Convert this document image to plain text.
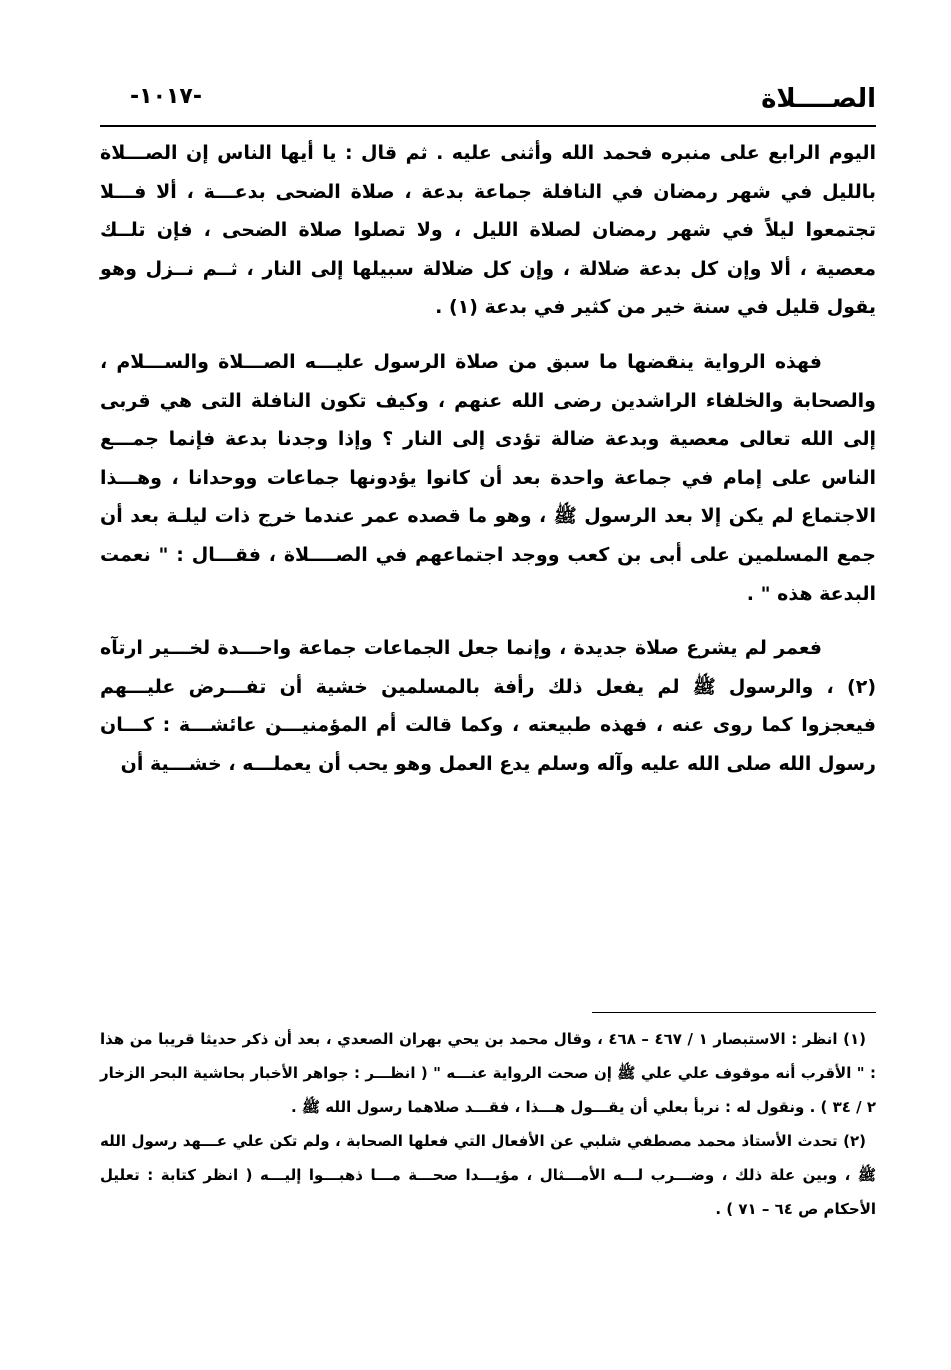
الصــــلاة
-١٠١٧-

اليوم الرابع على منبره فحمد الله وأثنى عليه . ثم قال : يا أيها الناس إن الصـــلاة بالليل في شهر رمضان في النافلة جماعة بدعة ، صلاة الضحى بدعـــة ، ألا فـــلا تجتمعوا ليلاً في شهر رمضان لصلاة الليل ، ولا تصلوا صلاة الضحى ، فإن تلــك معصية ، ألا وإن كل بدعة ضلالة ، وإن كل ضلالة سبيلها إلى النار ، ثــم نــزل وهو يقول قليل في سنة خير من كثير في بدعة (١) .

فهذه الرواية ينقضها ما سبق من صلاة الرسول عليـــه الصـــلاة والســـلام ، والصحابة والخلفاء الراشدين رضى الله عنهم ، وكيف تكون النافلة التى هي قربى إلى الله تعالى معصية وبدعة ضالة تؤدى إلى النار ؟ وإذا وجدنا بدعة فإنما جمـــع الناس على إمام في جماعة واحدة بعد أن كانوا يؤدونها جماعات ووحدانا ، وهـــذا الاجتماع لم يكن إلا بعد الرسول ﷺ ، وهو ما قصده عمر عندما خرج ذات ليلـة بعد أن جمع المسلمين على أبى بن كعب ووجد اجتماعهم في الصــــلاة ، فقـــال : " نعمت البدعة هذه " .

فعمر لم يشرع صلاة جديدة ، وإنما جعل الجماعات جماعة واحـــدة لخـــير ارتآه (٢) ، والرسول ﷺ لم يفعل ذلك رأفة بالمسلمين خشية أن تفـــرض عليـــهم فيعجزوا كما روى عنه ، فهذه طبيعته ، وكما قالت أم المؤمنيـــن عائشـــة : كـــان رسول الله صلى الله عليه وآله وسلم يدع العمل وهو يحب أن يعملـــه ، خشـــية أن

(١) انظر : الاستبصار ١ / ٤٦٧ – ٤٦٨ ، وقال محمد بن يحي بهران الصعدي ، بعد أن ذكر حديثا قريبا من هذا : " الأقرب أنه موقوف علي علي ﷺ إن صحت الرواية عنـــه " ( انظـــر : جواهر الأخبار بحاشية البحر الزخار ٢ / ٣٤ ) . ونقول له : نربأ بعلي أن يقـــول هـــذا ، فقـــد صلاهما رسول الله ﷺ .

(٢) تحدث الأستاذ محمد مصطفي شلبي عن الأفعال التي فعلها الصحابة ، ولم تكن علي عـــهد رسول الله ﷺ ، وبين علة ذلك ، وضـــرب لـــه الأمـــثال ، مؤيـــدا صحـــة مـــا ذهبـــوا إليـــه ( انظر كتابة : تعليل الأحكام ص ٦٤ – ٧١ ) .
